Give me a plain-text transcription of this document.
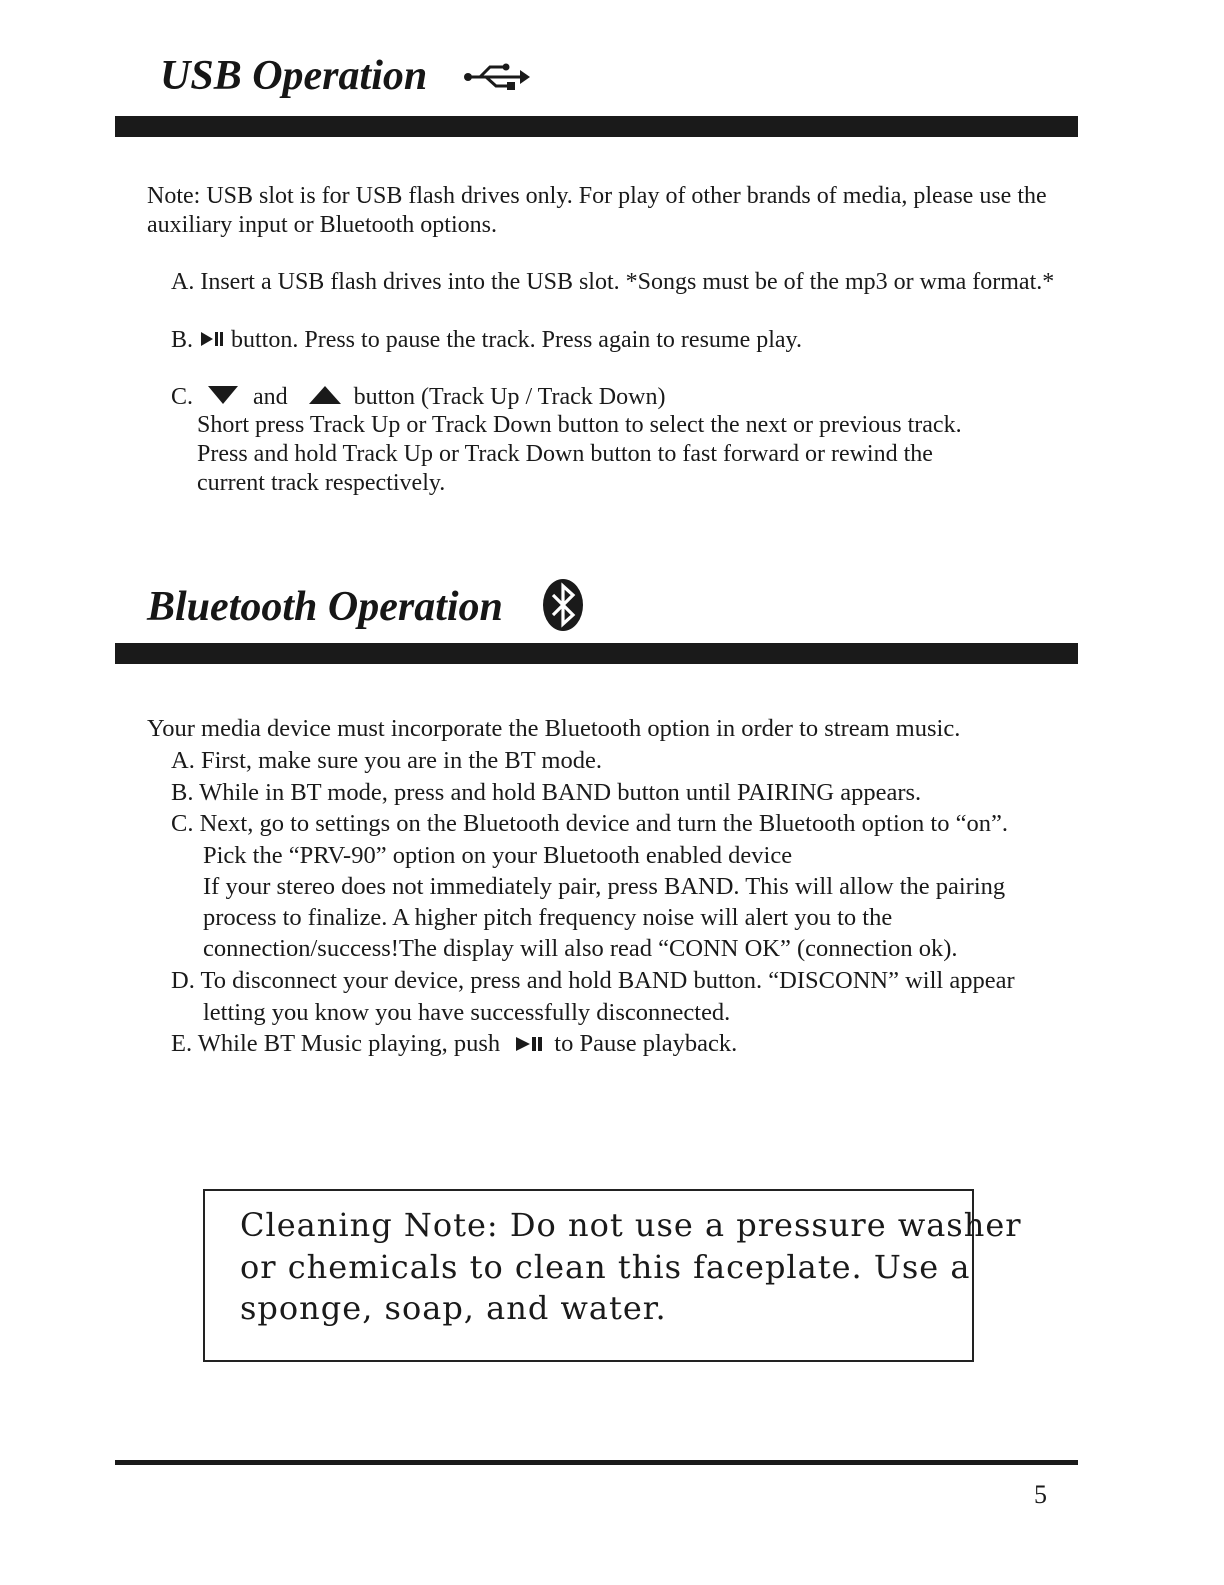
USB Operation
Note: USB slot is for USB flash drives only. For play of other brands of media, please use the
auxiliary input or Bluetooth options.
A. Insert a USB flash drives into the USB slot. *Songs must be of the mp3 or wma format.*
B.  button. Press to pause the track. Press again to resume play.
C.	and	button (Track Up / Track Down)
Short press Track Up or Track Down button to select the next or previous track.
Press and hold Track Up or Track Down button to fast forward or rewind the
current track respectively.
Bluetooth Operation
Your media device must incorporate the Bluetooth option in order to stream music.
A. First, make sure you are in the BT mode.
B. While in BT mode, press and hold BAND button until PAIRING appears.
C. Next, go to settings on the Bluetooth device and turn the Bluetooth option to “on”.
Pick the “PRV-90” option on your Bluetooth enabled device
If your stereo does not immediately pair, press BAND. This will allow the pairing
process to finalize. A higher pitch frequency noise will alert you to the
connection/success!The display will also read “CONN OK” (connection ok).
D. To disconnect your device, press and hold BAND button. “DISCONN” will appear
letting you know you have successfully disconnected.
E. While BT Music playing, push to Pause playback.
Cleaning Note: Do not use a pressure washer
or chemicals to clean this faceplate. Use a
sponge, soap, and water.
5
